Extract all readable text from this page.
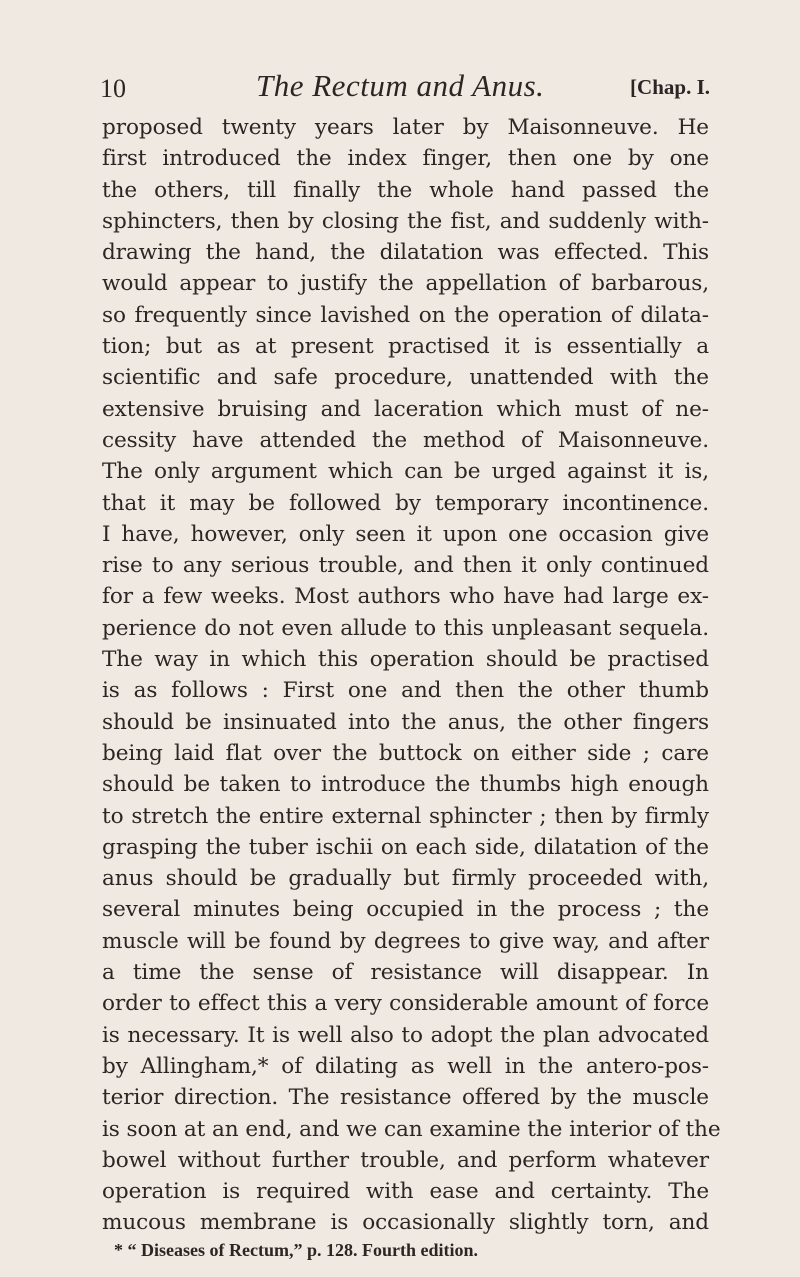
10	The Rectum and Anus.	[Chap. I.
proposed twenty years later by Maisonneuve. He
first introduced the index finger, then one by one
the others, till finally the whole hand passed the
sphincters, then by closing the fist, and suddenly with-
drawing the hand, the dilatation was effected. This
would appear to justify the appellation of barbarous,
so frequently since lavished on the operation of dilata-
tion; but as at present practised it is essentially a
scientific and safe procedure, unattended with the
extensive bruising and laceration which must of ne-
cessity have attended the method of Maisonneuve.
The only argument which can be urged against it is,
that it may be followed by temporary incontinence.
I have, however, only seen it upon one occasion give
rise to any serious trouble, and then it only continued
for a few weeks. Most authors who have had large ex-
perience do not even allude to this unpleasant sequela.
The way in which this operation should be practised
is as follows : First one and then the other thumb
should be insinuated into the anus, the other fingers
being laid flat over the buttock on either side ; care
should be taken to introduce the thumbs high enough
to stretch the entire external sphincter ; then by firmly
grasping the tuber ischii on each side, dilatation of the
anus should be gradually but firmly proceeded with,
several minutes being occupied in the process ; the
muscle will be found by degrees to give way, and after
a time the sense of resistance will disappear. In
order to effect this a very considerable amount of force
is necessary. It is well also to adopt the plan advocated
by Allingham,* of dilating as well in the antero-pos-
terior direction. The resistance offered by the muscle
is soon at an end, and we can examine the interior of the
bowel without further trouble, and perform whatever
operation is required with ease and certainty. The
mucous membrane is occasionally slightly torn, and
* “ Diseases of Rectum,” p. 128. Fourth edition.
